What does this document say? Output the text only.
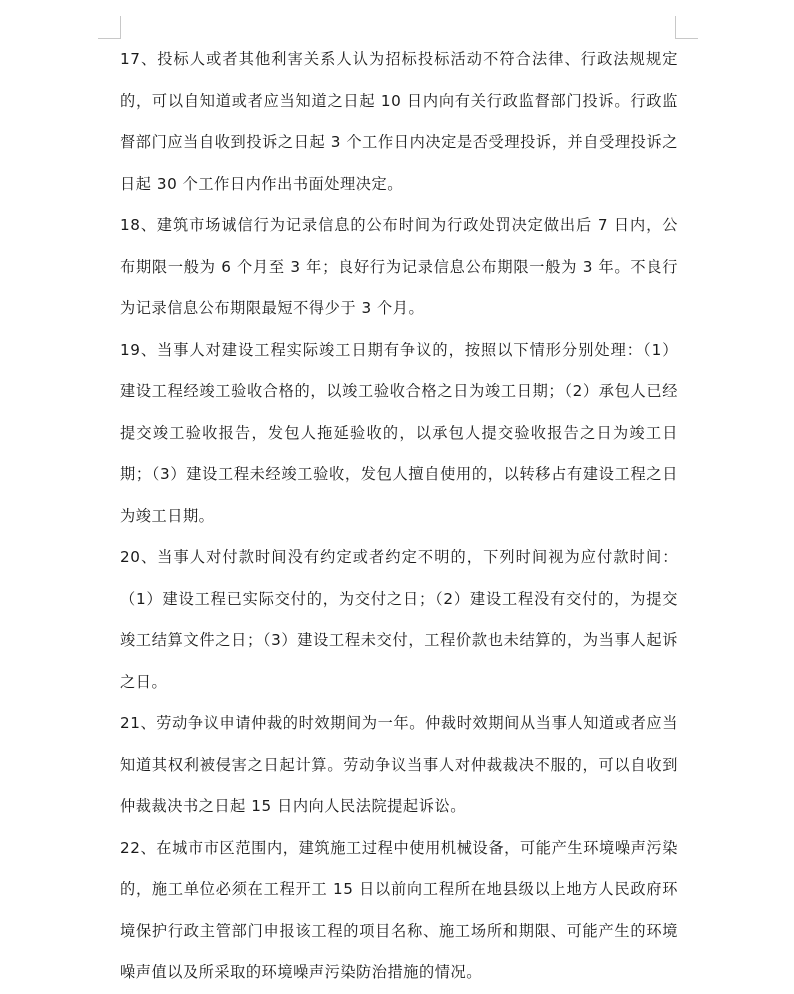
17、投标人或者其他利害关系人认为招标投标活动不符合法律、行政法规规定的，可以自知道或者应当知道之日起 10 日内向有关行政监督部门投诉。行政监督部门应当自收到投诉之日起 3 个工作日内决定是否受理投诉，并自受理投诉之日起 30 个工作日内作出书面处理决定。

18、建筑市场诚信行为记录信息的公布时间为行政处罚决定做出后 7 日内，公布期限一般为 6 个月至 3 年；良好行为记录信息公布期限一般为 3 年。不良行为记录信息公布期限最短不得少于 3 个月。

19、当事人对建设工程实际竣工日期有争议的，按照以下情形分别处理：（1）建设工程经竣工验收合格的，以竣工验收合格之日为竣工日期；（2）承包人已经提交竣工验收报告，发包人拖延验收的，以承包人提交验收报告之日为竣工日期；（3）建设工程未经竣工验收，发包人擅自使用的，以转移占有建设工程之日为竣工日期。

20、当事人对付款时间没有约定或者约定不明的，下列时间视为应付款时间：（1）建设工程已实际交付的，为交付之日；（2）建设工程没有交付的，为提交竣工结算文件之日；（3）建设工程未交付，工程价款也未结算的，为当事人起诉之日。

21、劳动争议申请仲裁的时效期间为一年。仲裁时效期间从当事人知道或者应当知道其权利被侵害之日起计算。劳动争议当事人对仲裁裁决不服的，可以自收到仲裁裁决书之日起 15 日内向人民法院提起诉讼。

22、在城市市区范围内，建筑施工过程中使用机械设备，可能产生环境噪声污染的，施工单位必须在工程开工 15 日以前向工程所在地县级以上地方人民政府环境保护行政主管部门申报该工程的项目名称、施工场所和期限、可能产生的环境噪声值以及所采取的环境噪声污染防治措施的情况。
